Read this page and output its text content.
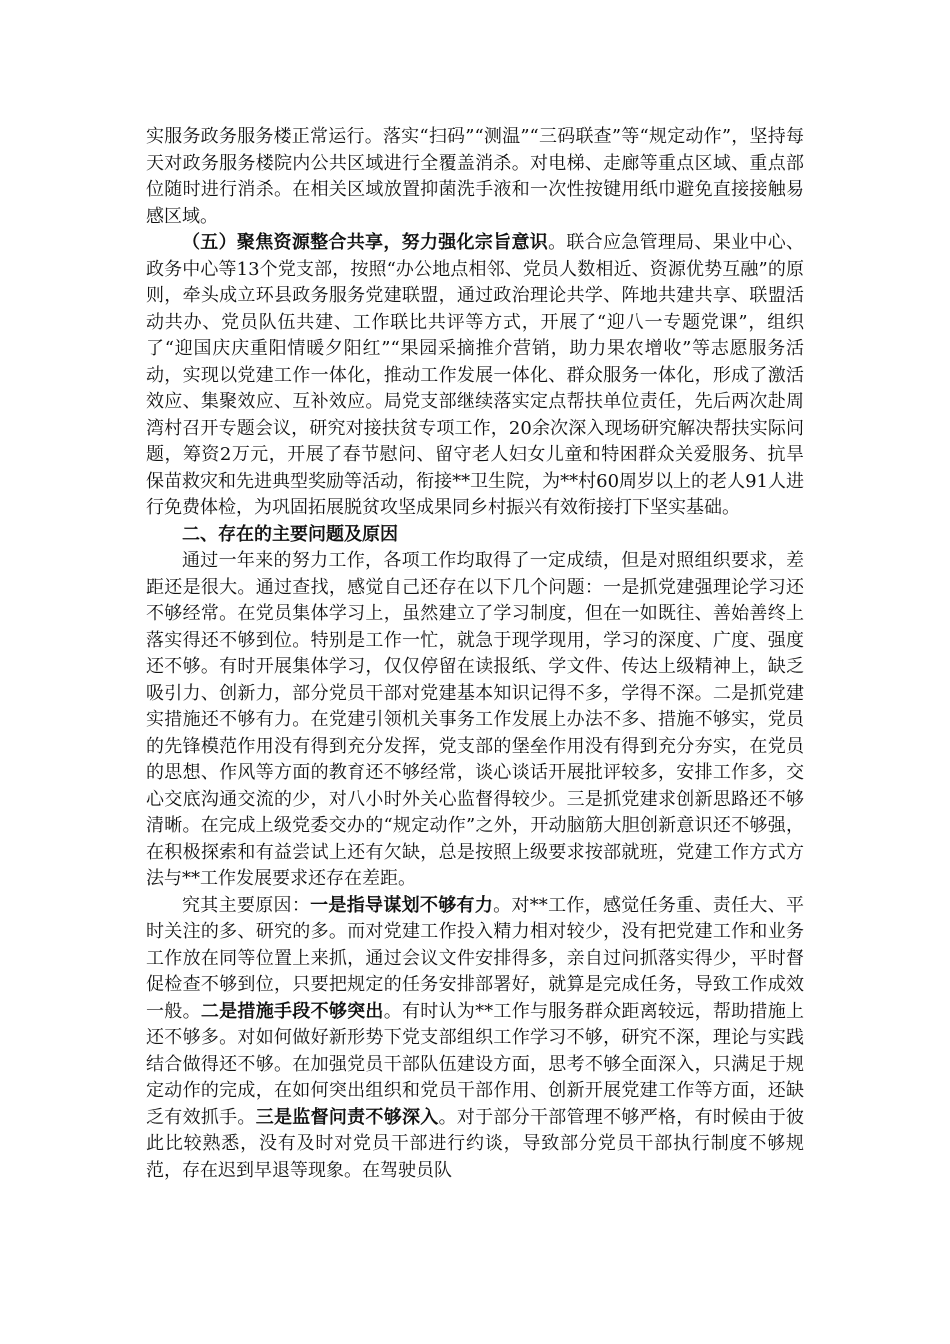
实服务政务服务楼正常运行。落实“扫码”“测温”“三码联查”等“规定动作”，坚持每天对政务服务楼院内公共区域进行全覆盖消杀。对电梯、走廊等重点区域、重点部位随时进行消杀。在相关区域放置抑菌洗手液和一次性按键用纸巾避免直接接触易感区域。

（五）聚焦资源整合共享，努力强化宗旨意识。联合应急管理局、果业中心、政务中心等13个党支部，按照“办公地点相邻、党员人数相近、资源优势互融”的原则，牵头成立环县政务服务党建联盟，通过政治理论共学、阵地共建共享、联盟活动共办、党员队伍共建、工作联比共评等方式，开展了“迎八一专题党课”，组织了“迎国庆庆重阳情暖夕阳红”“果园采摘推介营销，助力果农增收”等志愿服务活动，实现以党建工作一体化，推动工作发展一体化、群众服务一体化，形成了激活效应、集聚效应、互补效应。局党支部继续落实定点帮扶单位责任，先后两次赴周湾村召开专题会议，研究对接扶贫专项工作，20余次深入现场研究解决帮扶实际问题，筹资2万元，开展了春节慰问、留守老人妇女儿童和特困群众关爱服务、抗旱保苗救灾和先进典型奖励等活动，衔接**卫生院，为**村60周岁以上的老人91人进行免费体检，为巩固拓展脱贫攻坚成果同乡村振兴有效衔接打下坚实基础。

二、存在的主要问题及原因

通过一年来的努力工作，各项工作均取得了一定成绩，但是对照组织要求，差距还是很大。通过查找，感觉自己还存在以下几个问题：一是抓党建强理论学习还不够经常。在党员集体学习上，虽然建立了学习制度，但在一如既往、善始善终上落实得还不够到位。特别是工作一忙，就急于现学现用，学习的深度、广度、强度还不够。有时开展集体学习，仅仅停留在读报纸、学文件、传达上级精神上，缺乏吸引力、创新力，部分党员干部对党建基本知识记得不多，学得不深。二是抓党建实措施还不够有力。在党建引领机关事务工作发展上办法不多、措施不够实，党员的先锋模范作用没有得到充分发挥，党支部的堡垒作用没有得到充分夯实，在党员的思想、作风等方面的教育还不够经常，谈心谈话开展批评较多，安排工作多，交心交底沟通交流的少，对八小时外关心监督得较少。三是抓党建求创新思路还不够清晰。在完成上级党委交办的“规定动作”之外，开动脑筋大胆创新意识还不够强，在积极探索和有益尝试上还有欠缺，总是按照上级要求按部就班，党建工作方式方法与**工作发展要求还存在差距。

究其主要原因：一是指导谋划不够有力。对**工作，感觉任务重、责任大、平时关注的多、研究的多。而对党建工作投入精力相对较少，没有把党建工作和业务工作放在同等位置上来抓，通过会议文件安排得多，亲自过问抓落实得少，平时督促检查不够到位，只要把规定的任务安排部署好，就算是完成任务，导致工作成效一般。二是措施手段不够突出。有时认为**工作与服务群众距离较远，帮助措施上还不够多。对如何做好新形势下党支部组织工作学习不够，研究不深，理论与实践结合做得还不够。在加强党员干部队伍建设方面，思考不够全面深入，只满足于规定动作的完成，在如何突出组织和党员干部作用、创新开展党建工作等方面，还缺乏有效抓手。三是监督问责不够深入。对于部分干部管理不够严格，有时候由于彼此比较熟悉，没有及时对党员干部进行约谈，导致部分党员干部执行制度不够规范，存在迟到早退等现象。在驾驶员队
